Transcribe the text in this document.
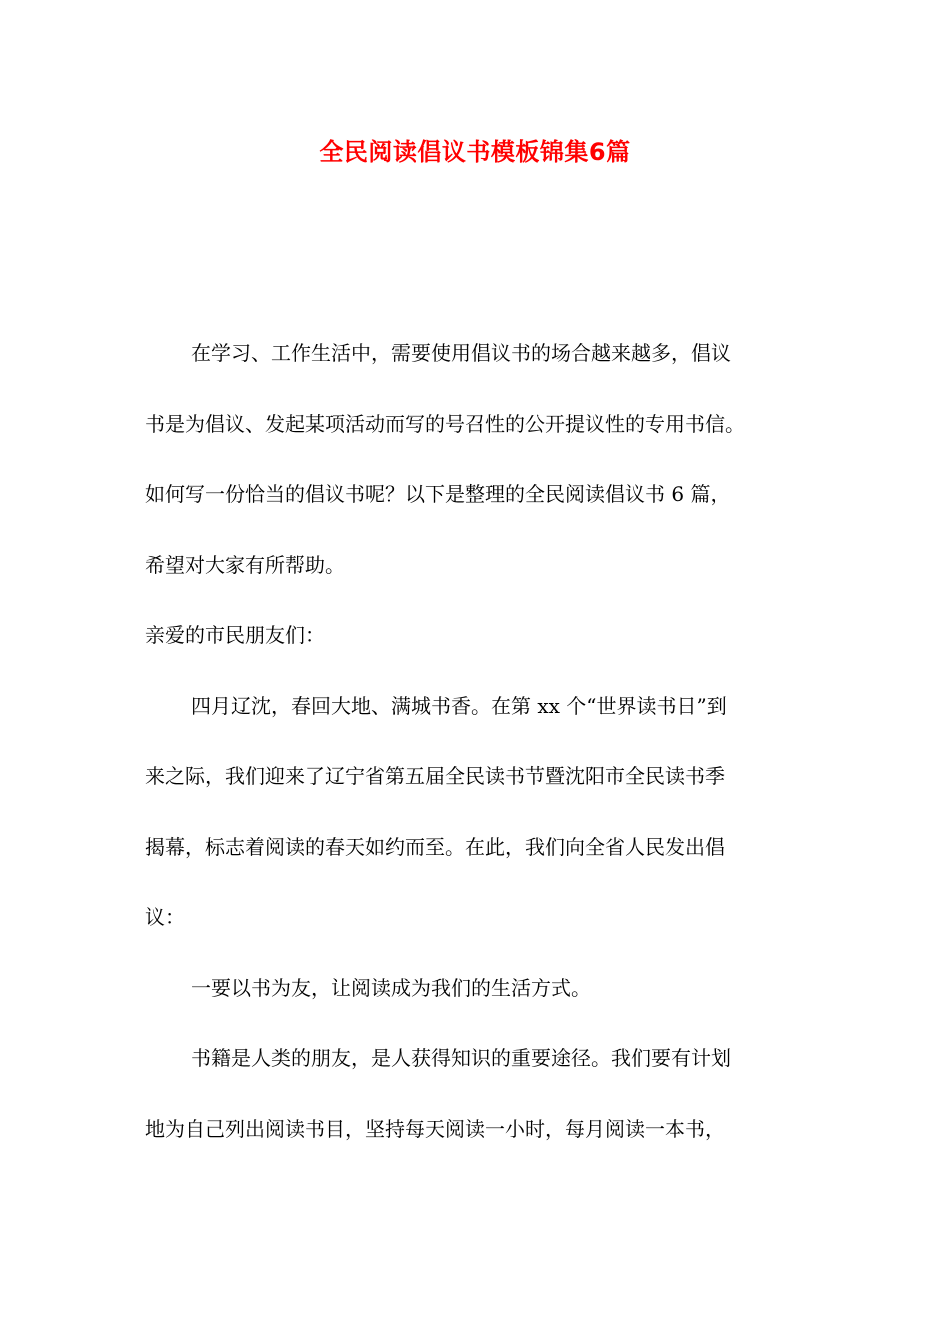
全民阅读倡议书模板锦集6篇

在学习、工作生活中，需要使用倡议书的场合越来越多，倡议
书是为倡议、发起某项活动而写的号召性的公开提议性的专用书信。
如何写一份恰当的倡议书呢？以下是整理的全民阅读倡议书 6 篇，
希望对大家有所帮助。

亲爱的市民朋友们：

四月辽沈，春回大地、满城书香。在第 xx 个“世界读书日”到
来之际，我们迎来了辽宁省第五届全民读书节暨沈阳市全民读书季
揭幕，标志着阅读的春天如约而至。在此，我们向全省人民发出倡
议：

一要以书为友，让阅读成为我们的生活方式。

书籍是人类的朋友，是人获得知识的重要途径。我们要有计划
地为自己列出阅读书目，坚持每天阅读一小时，每月阅读一本书，
